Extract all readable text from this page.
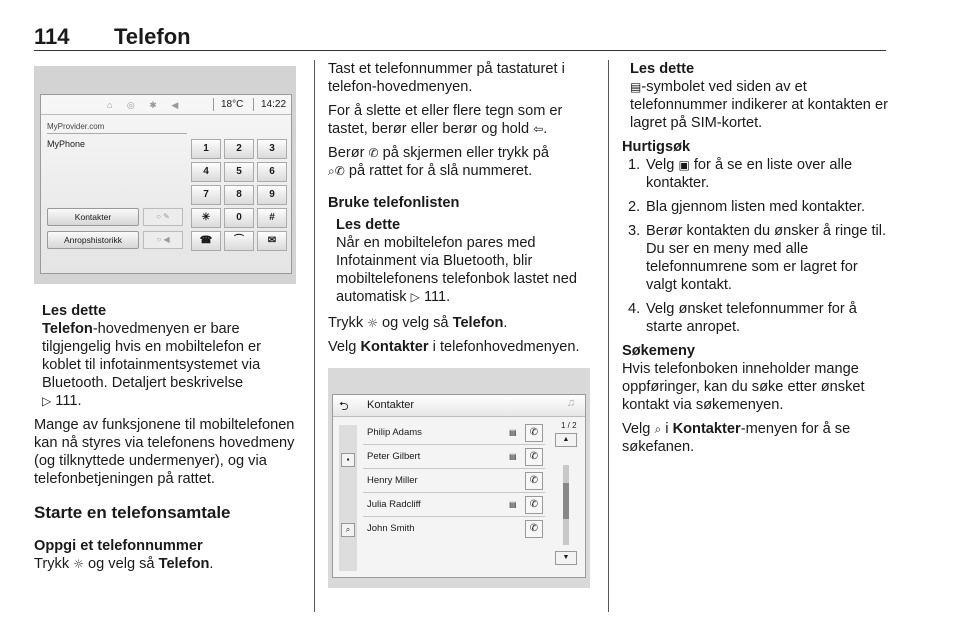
114 Telefon
⌂ ◎ ✱ ◀	18°C 14:22
MyProvider.com
MyPhone	1	2	3
4	5	6
7	8	9
✳	0	#
☎	⌒	✉
Kontakter	○ ✎
Anropshistorikk	○ ◀
Les dette

Telefon-hovedmenyen er bare tilgjengelig hvis en mobiltelefon er koblet til infotainmentsystemet via Bluetooth. Detaljert beskrivelse
▷ 111.

Mange av funksjonene til mobiltelefonen kan nå styres via telefonens hovedmeny (og tilknyttede undermenyer), og via telefonbetjeningen på rattet.

Starte en telefonsamtale
Oppgi et telefonnummer

Trykk ☼ og velg så Telefon.

Tast et telefonnummer på tastaturet i telefon-hovedmenyen.

For å slette et eller flere tegn som er tastet, berør eller berør og hold ⇦.

Berør ✆ på skjermen eller trykk på
⌕✆ på rattet for å slå nummeret.

Bruke telefonlisten
Les dette

Når en mobiltelefon pares med Infotainment via Bluetooth, blir mobiltelefonens telefonbok lastet ned automatisk ▷ 111.

Trykk ☼ og velg så Telefon.

Velg Kontakter i telefonhovedmenyen.

⮌ Kontakter	♫
▪
⌕
Philip Adams	▤	✆
Peter Gilbert	▤	✆
Henry Miller	✆
Julia Radcliff	▤	✆
John Smith	✆
1 / 2
▲
▼
Les dette

▤-symbolet ved siden av et telefonnummer indikerer at kontakten er lagret på SIM-kortet.

Hurtigsøk
1. Velg ▣ for å se en liste over alle kontakter.
2. Bla gjennom listen med kontakter.
3. Berør kontakten du ønsker å ringe til. Du ser en meny med alle telefonnumrene som er lagret for valgt kontakt.
4. Velg ønsket telefonnummer for å starte anropet.
Søkemeny

Hvis telefonboken inneholder mange oppføringer, kan du søke etter ønsket kontakt via søkemenyen.

Velg ⌕ i Kontakter-menyen for å se søkefanen.
